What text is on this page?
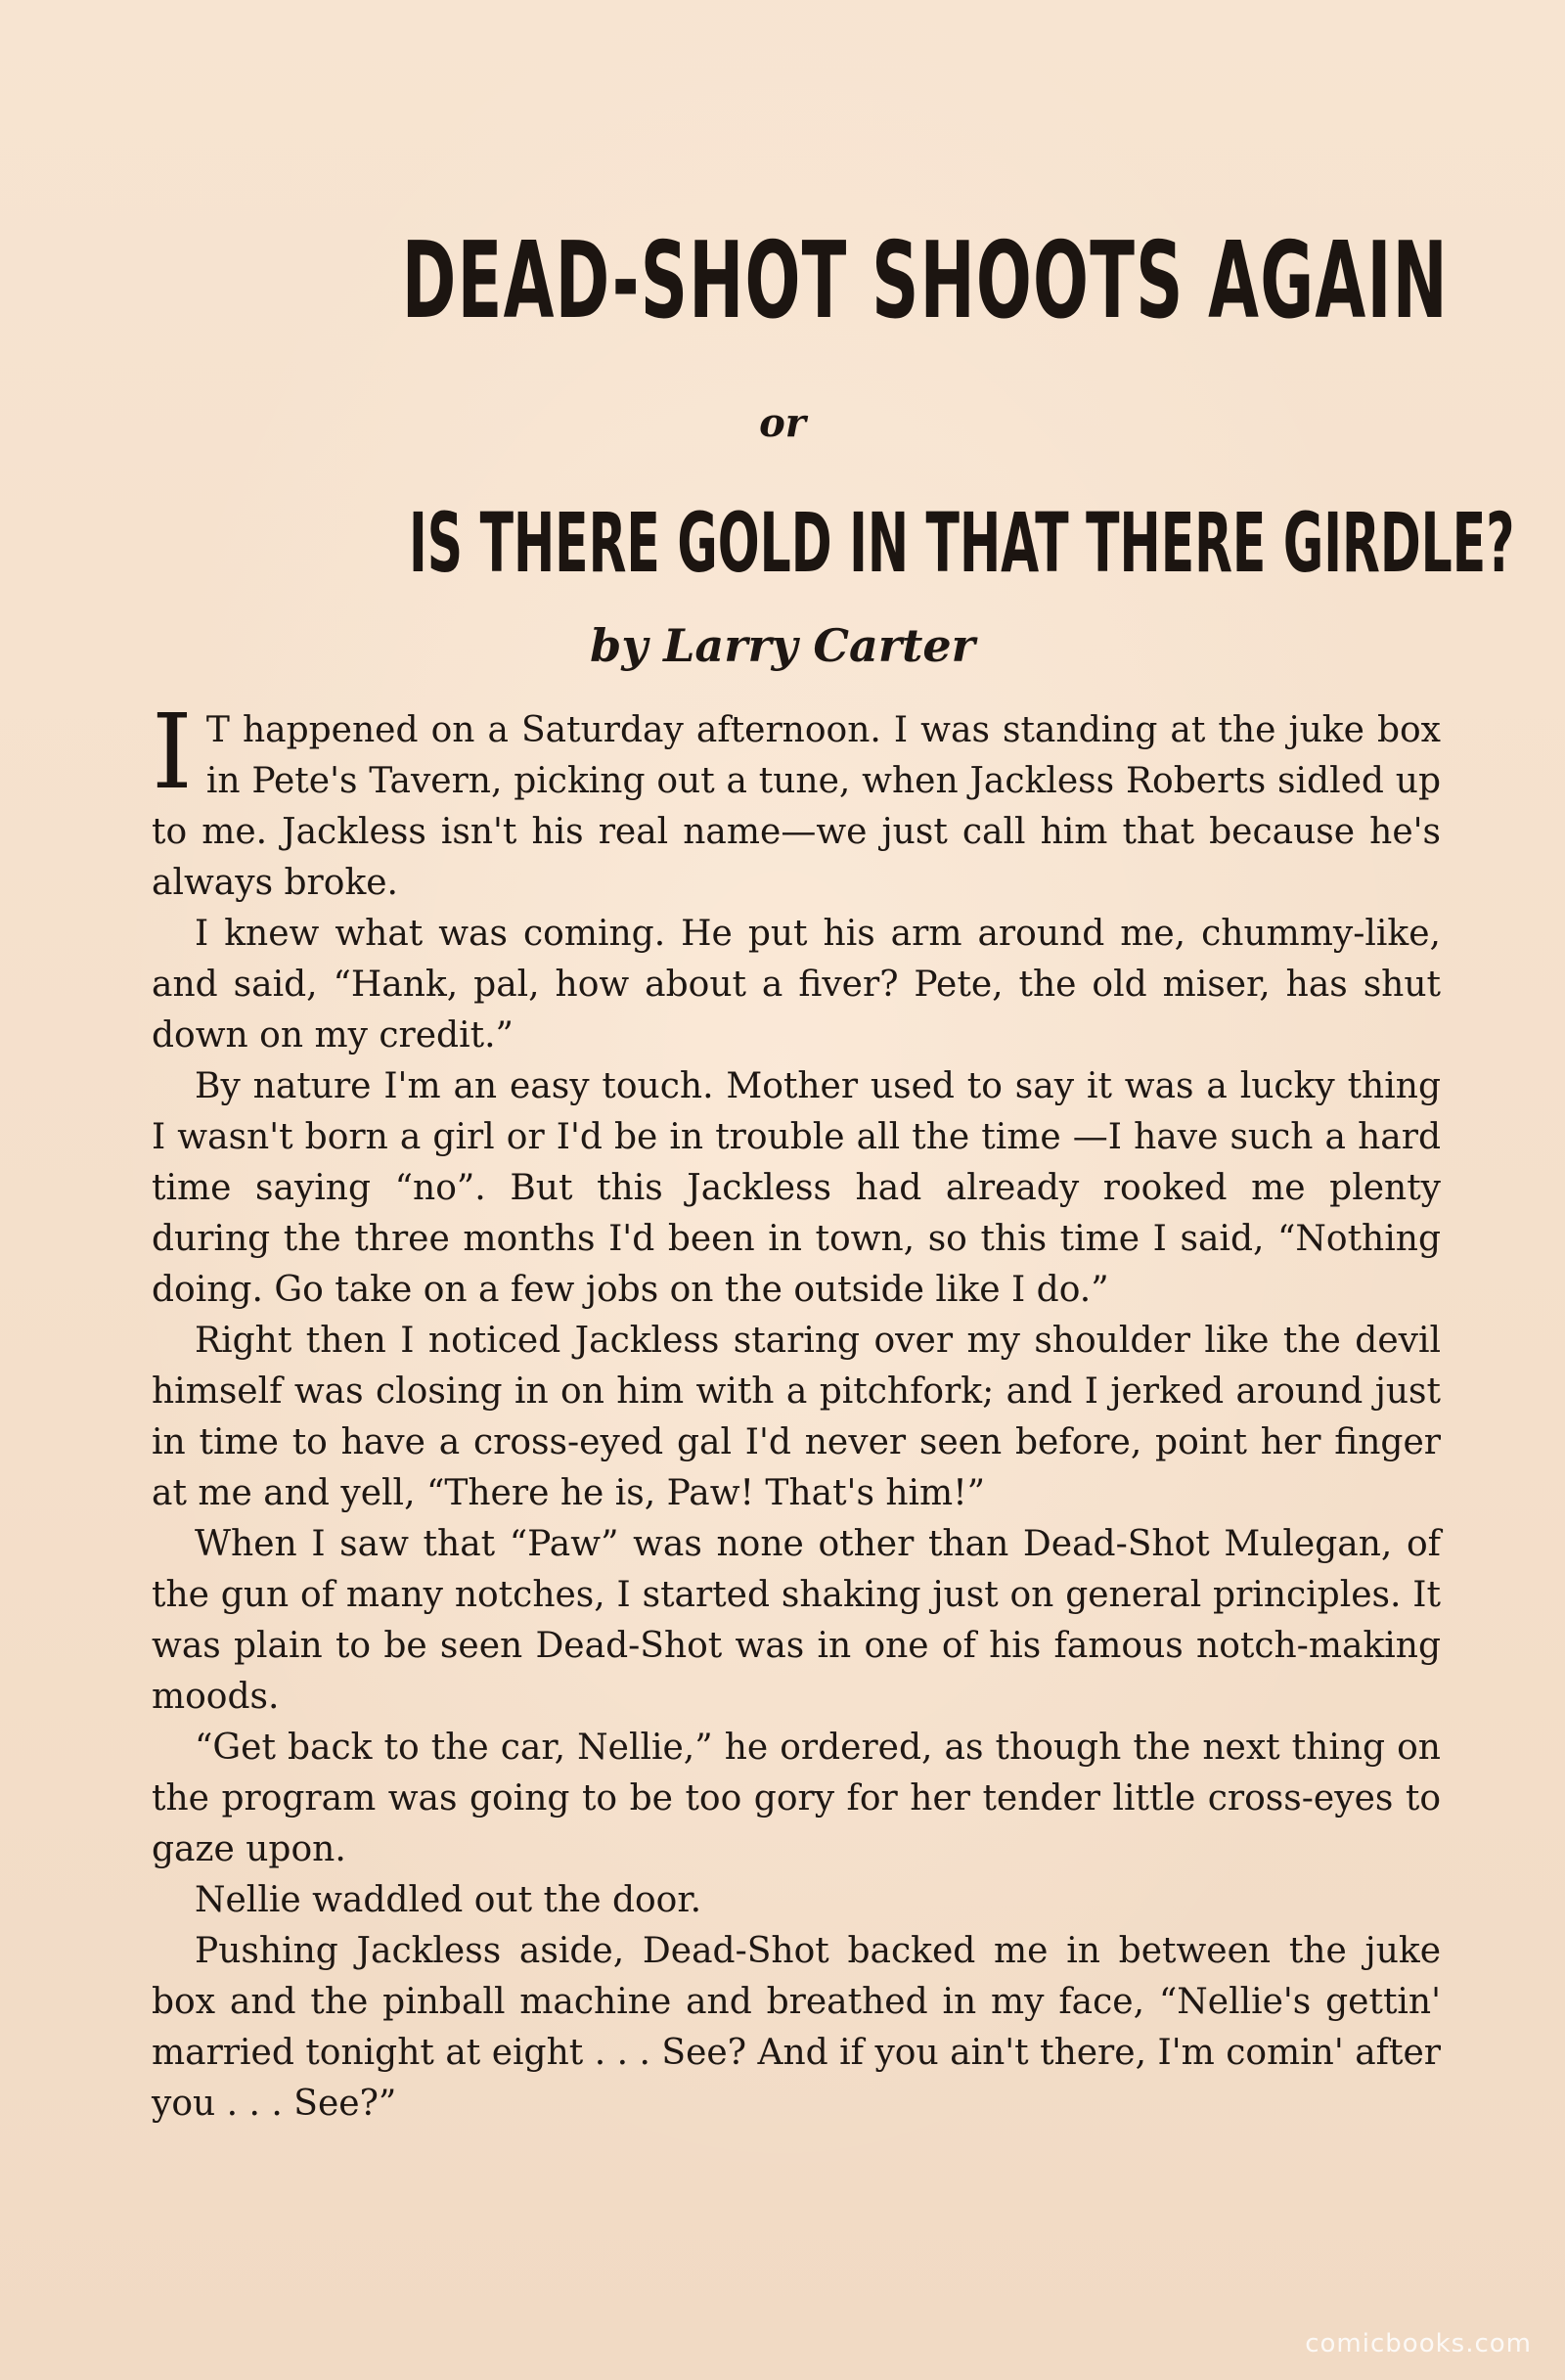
DEAD-SHOT SHOOTS AGAIN
or
IS THERE GOLD IN THAT THERE GIRDLE?
by Larry Carter

I T happened on a Saturday afternoon. I was standing at the juke box in Pete's Tavern, picking out a tune, when Jackless Roberts sidled up to me. Jackless isn't his real name—we just call him that because he's always broke.

I knew what was coming. He put his arm around me, chummy-like, and said, “Hank, pal, how about a fiver? Pete, the old miser, has shut down on my credit.”

By nature I'm an easy touch. Mother used to say it was a lucky thing I wasn't born a girl or I'd be in trouble all the time —I have such a hard time saying “no”. But this Jackless had already rooked me plenty during the three months I'd been in town, so this time I said, “Nothing doing. Go take on a few jobs on the outside like I do.”

Right then I noticed Jackless staring over my shoulder like the devil himself was closing in on him with a pitchfork; and I jerked around just in time to have a cross-eyed gal I'd never seen before, point her finger at me and yell, “There he is, Paw! That's him!”

When I saw that “Paw” was none other than Dead-Shot Mulegan, of the gun of many notches, I started shaking just on general principles. It was plain to be seen Dead-Shot was in one of his famous notch-making moods.

“Get back to the car, Nellie,” he ordered, as though the next thing on the program was going to be too gory for her tender little cross-eyes to gaze upon.

Nellie waddled out the door.

Pushing Jackless aside, Dead-Shot backed me in between the juke box and the pinball machine and breathed in my face, “Nellie's gettin' married tonight at eight . . . See? And if you ain't there, I'm comin' after you . . . See?”

comicbooks.com
